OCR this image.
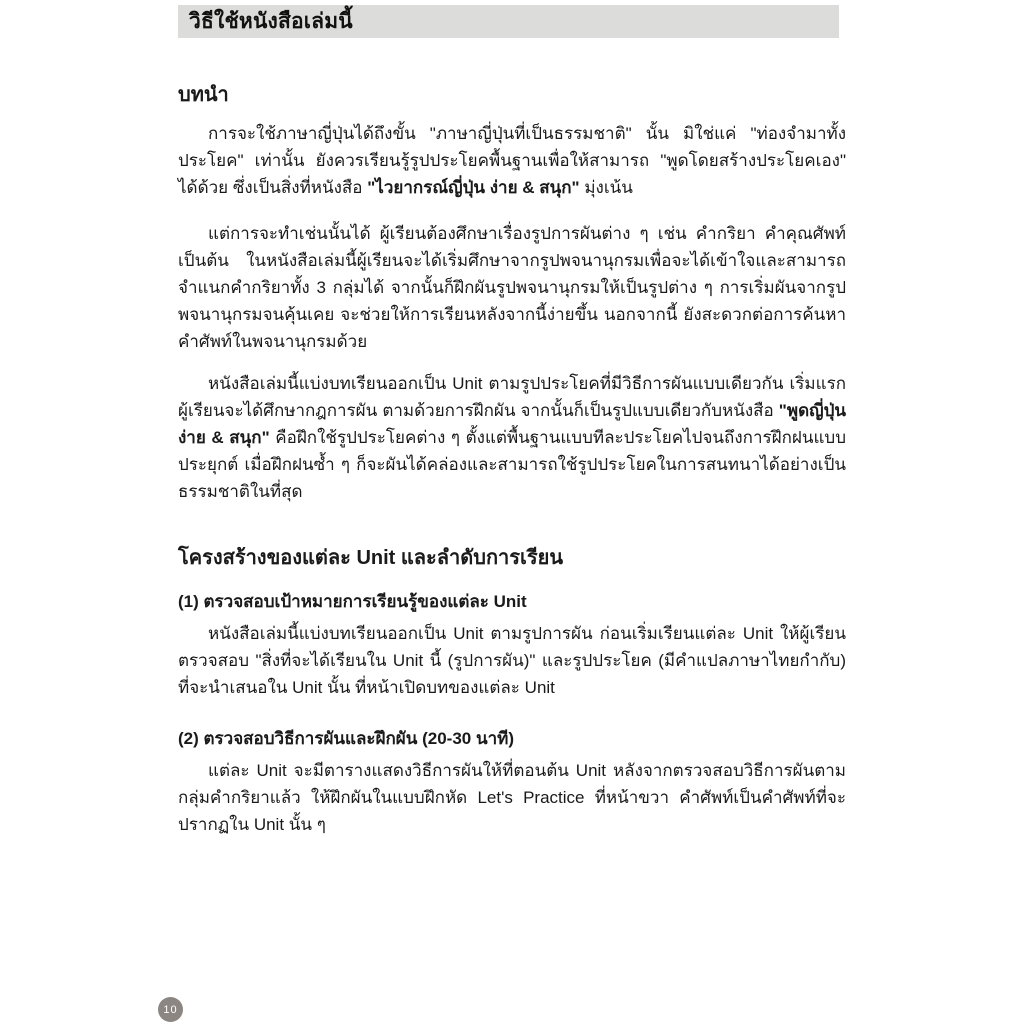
วิธีใช้หนังสือเล่มนี้
บทนำ

การจะใช้ภาษาญี่ปุ่นได้ถึงขั้น "ภาษาญี่ปุ่นที่เป็นธรรมชาติ" นั้น มิใช่แค่ "ท่องจำมาทั้งประโยค" เท่านั้น ยังควรเรียนรู้รูปประโยคพื้นฐานเพื่อให้สามารถ "พูดโดยสร้างประโยคเอง" ได้ด้วย ซึ่งเป็นสิ่งที่หนังสือ "ไวยากรณ์ญี่ปุ่น ง่าย & สนุก" มุ่งเน้น

แต่การจะทำเช่นนั้นได้ ผู้เรียนต้องศึกษาเรื่องรูปการผันต่าง ๆ เช่น คำกริยา คำคุณศัพท์ เป็นต้น ในหนังสือเล่มนี้ผู้เรียนจะได้เริ่มศึกษาจากรูปพจนานุกรมเพื่อจะได้เข้าใจและสามารถจำแนกคำกริยาทั้ง 3 กลุ่มได้ จากนั้นก็ฝึกผันรูปพจนานุกรมให้เป็นรูปต่าง ๆ การเริ่มผันจากรูปพจนานุกรมจนคุ้นเคย จะช่วยให้การเรียนหลังจากนี้ง่ายขึ้น นอกจากนี้ ยังสะดวกต่อการค้นหาคำศัพท์ในพจนานุกรมด้วย

หนังสือเล่มนี้แบ่งบทเรียนออกเป็น Unit ตามรูปประโยคที่มีวิธีการผันแบบเดียวกัน เริ่มแรกผู้เรียนจะได้ศึกษากฎการผัน ตามด้วยการฝึกผัน จากนั้นก็เป็นรูปแบบเดียวกับหนังสือ "พูดญี่ปุ่น ง่าย & สนุก" คือฝึกใช้รูปประโยคต่าง ๆ ตั้งแต่พื้นฐานแบบทีละประโยคไปจนถึงการฝึกฝนแบบประยุกต์ เมื่อฝึกฝนซ้ำ ๆ ก็จะผันได้คล่องและสามารถใช้รูปประโยคในการสนทนาได้อย่างเป็นธรรมชาติในที่สุด

โครงสร้างของแต่ละ Unit และลำดับการเรียน
(1) ตรวจสอบเป้าหมายการเรียนรู้ของแต่ละ Unit

หนังสือเล่มนี้แบ่งบทเรียนออกเป็น Unit ตามรูปการผัน ก่อนเริ่มเรียนแต่ละ Unit ให้ผู้เรียนตรวจสอบ "สิ่งที่จะได้เรียนใน Unit นี้ (รูปการผัน)" และรูปประโยค (มีคำแปลภาษาไทยกำกับ) ที่จะนำเสนอใน Unit นั้น ที่หน้าเปิดบทของแต่ละ Unit

(2) ตรวจสอบวิธีการผันและฝึกผัน (20-30 นาที)

แต่ละ Unit จะมีตารางแสดงวิธีการผันให้ที่ตอนต้น Unit หลังจากตรวจสอบวิธีการผันตามกลุ่มคำกริยาแล้ว ให้ฝึกผันในแบบฝึกหัด Let's Practice ที่หน้าขวา คำศัพท์เป็นคำศัพท์ที่จะปรากฏใน Unit นั้น ๆ

10
